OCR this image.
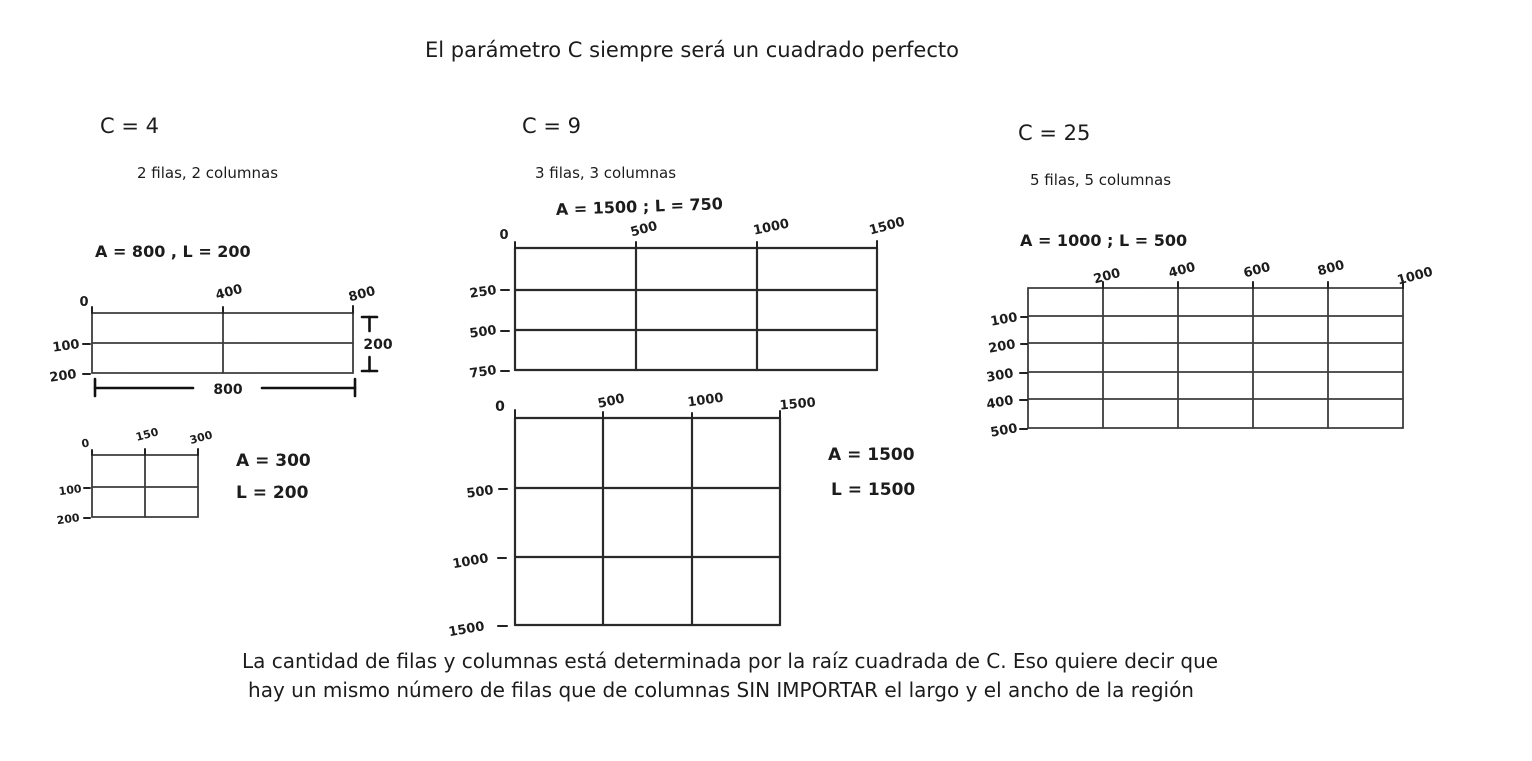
El parámetro C siempre será un cuadrado perfecto
C = 4
2 filas, 2 columnas
A = 800 , L = 200
0	400	800
100
200
200
800
0	150	300
100
200
A = 300
L = 200
C = 9
3 filas, 3 columnas
A = 1500 ; L = 750
0	500	1000	1500
250
500
750
0	500	1000	1500
500
1000
1500
A = 1500
L = 1500
C = 25
5 filas, 5 columnas
A = 1000 ; L = 500
200	400	600	800	1000
100
200
300
400
500
La cantidad de filas y columnas está determinada por la raíz cuadrada de C. Eso quiere decir que
hay un mismo número de filas que de columnas SIN IMPORTAR el largo y el ancho de la región
